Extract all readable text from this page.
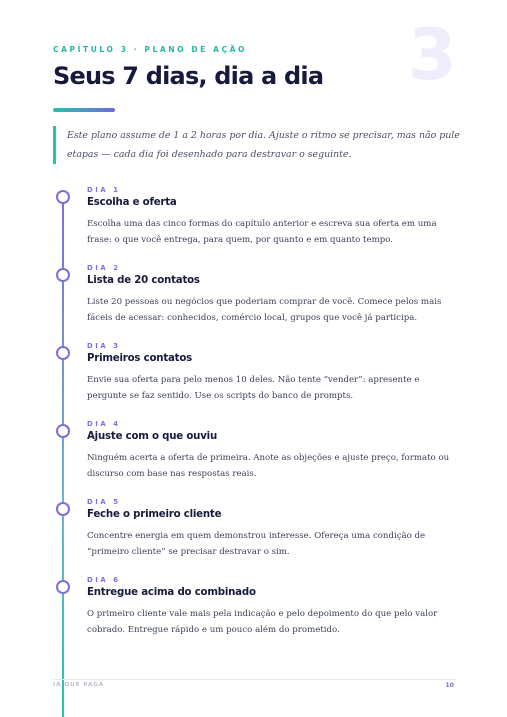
CAPÍTULO 3 · PLANO DE AÇÃO 3
Seus 7 dias, dia a dia
Este plano assume de 1 a 2 horas por dia. Ajuste o ritmo se precisar, mas não pule etapas — cada dia foi desenhado para destravar o seguinte.
DIA 1
Escolha e oferta

Escolha uma das cinco formas do capítulo anterior e escreva sua oferta em uma frase: o que você entrega, para quem, por quanto e em quanto tempo.

DIA 2
Lista de 20 contatos

Liste 20 pessoas ou negócios que poderiam comprar de você. Comece pelos mais fáceis de acessar: conhecidos, comércio local, grupos que você já participa.

DIA 3
Primeiros contatos

Envie sua oferta para pelo menos 10 deles. Não tente “vender”: apresente e pergunte se faz sentido. Use os scripts do banco de prompts.

DIA 4
Ajuste com o que ouviu

Ninguém acerta a oferta de primeira. Anote as objeções e ajuste preço, formato ou discurso com base nas respostas reais.

DIA 5
Feche o primeiro cliente

Concentre energia em quem demonstrou interesse. Ofereça uma condição de “primeiro cliente” se precisar destravar o sim.

DIA 6
Entregue acima do combinado

O primeiro cliente vale mais pela indicação e pelo depoimento do que pelo valor cobrado. Entregue rápido e um pouco além do prometido.

IA QUE PAGA	10
